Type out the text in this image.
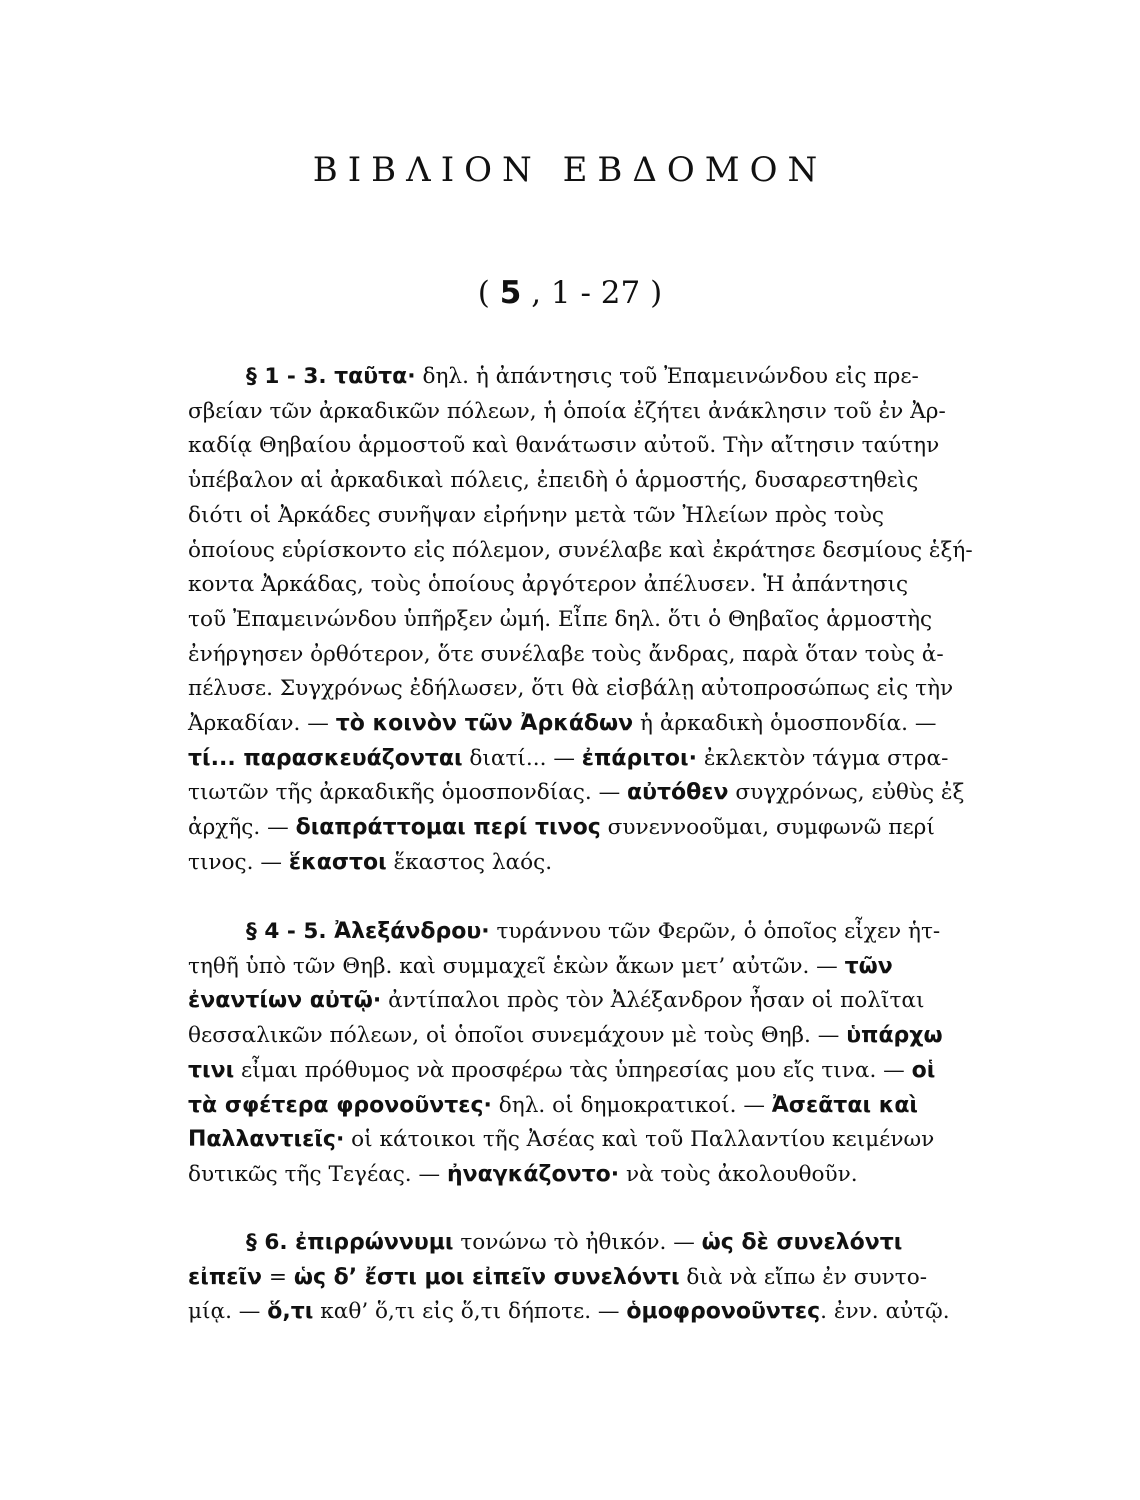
ΒΙΒΛΙΟΝ ΕΒΔΟΜΟΝ
( 5 , 1 - 27 )
§ 1 - 3. ταῦτα· δηλ. ἡ ἀπάντησις τοῦ Ἐπαμεινώνδου εἰς πρε-
σβείαν τῶν ἀρκαδικῶν πόλεων, ἡ ὁποία ἐζήτει ἀνάκλησιν τοῦ ἐν Ἀρ-
καδίᾳ Θηβαίου ἁρμοστοῦ καὶ θανάτωσιν αὐτοῦ. Τὴν αἴτησιν ταύτην
ὑπέβαλον αἱ ἀρκαδικαὶ πόλεις, ἐπειδὴ ὁ ἁρμοστής, δυσαρεστηθεὶς
διότι οἱ Ἀρκάδες συνῆψαν εἰρήνην μετὰ τῶν Ἠλείων πρὸς τοὺς
ὁποίους εὑρίσκοντο εἰς πόλεμον, συνέλαβε καὶ ἐκράτησε δεσμίους ἑξή-
κοντα Ἀρκάδας, τοὺς ὁποίους ἀργότερον ἀπέλυσεν. Ἡ ἀπάντησις
τοῦ Ἐπαμεινώνδου ὑπῆρξεν ὠμή. Εἶπε δηλ. ὅτι ὁ Θηβαῖος ἁρμοστὴς
ἐνήργησεν ὀρθότερον, ὅτε συνέλαβε τοὺς ἄνδρας, παρὰ ὅταν τοὺς ἀ-
πέλυσε. Συγχρόνως ἐδήλωσεν, ὅτι θὰ εἰσβάλῃ αὐτοπροσώπως εἰς τὴν
Ἀρκαδίαν. — τὸ κοινὸν τῶν Ἀρκάδων ἡ ἀρκαδικὴ ὁμοσπονδία. —
τί... παρασκευάζονται διατί... — ἐπάριτοι· ἐκλεκτὸν τάγμα στρα-
τιωτῶν τῆς ἀρκαδικῆς ὁμοσπονδίας. — αὐτόθεν συγχρόνως, εὐθὺς ἐξ
ἀρχῆς. — διαπράττομαι περί τινος συνεννοοῦμαι, συμφωνῶ περί
τινος. — ἕκαστοι ἕκαστος λαός.
§ 4 - 5. Ἀλεξάνδρου· τυράννου τῶν Φερῶν, ὁ ὁποῖος εἶχεν ἡτ-
τηθῆ ὑπὸ τῶν Θηβ. καὶ συμμαχεῖ ἑκὼν ἄκων μετ’ αὐτῶν. — τῶν
ἐναντίων αὐτῷ· ἀντίπαλοι πρὸς τὸν Ἀλέξανδρον ἦσαν οἱ πολῖται
θεσσαλικῶν πόλεων, οἱ ὁποῖοι συνεμάχουν μὲ τοὺς Θηβ. — ὑπάρχω
τινι εἶμαι πρόθυμος νὰ προσφέρω τὰς ὑπηρεσίας μου εἴς τινα. — οἱ
τὰ σφέτερα φρονοῦντες· δηλ. οἱ δημοκρατικοί. — Ἀσεᾶται καὶ
Παλλαντιεῖς· οἱ κάτοικοι τῆς Ἀσέας καὶ τοῦ Παλλαντίου κειμένων
δυτικῶς τῆς Τεγέας. — ἠναγκάζοντο· νὰ τοὺς ἀκολουθοῦν.
§ 6. ἐπιρρώννυμι τονώνω τὸ ἠθικόν. — ὡς δὲ συνελόντι
εἰπεῖν = ὡς δ’ ἔστι μοι εἰπεῖν συνελόντι διὰ νὰ εἴπω ἐν συντο-
μίᾳ. — ὅ,τι καθ’ ὅ,τι εἰς ὅ,τι δήποτε. — ὁμοφρονοῦντες. ἐνν. αὐτῷ.
